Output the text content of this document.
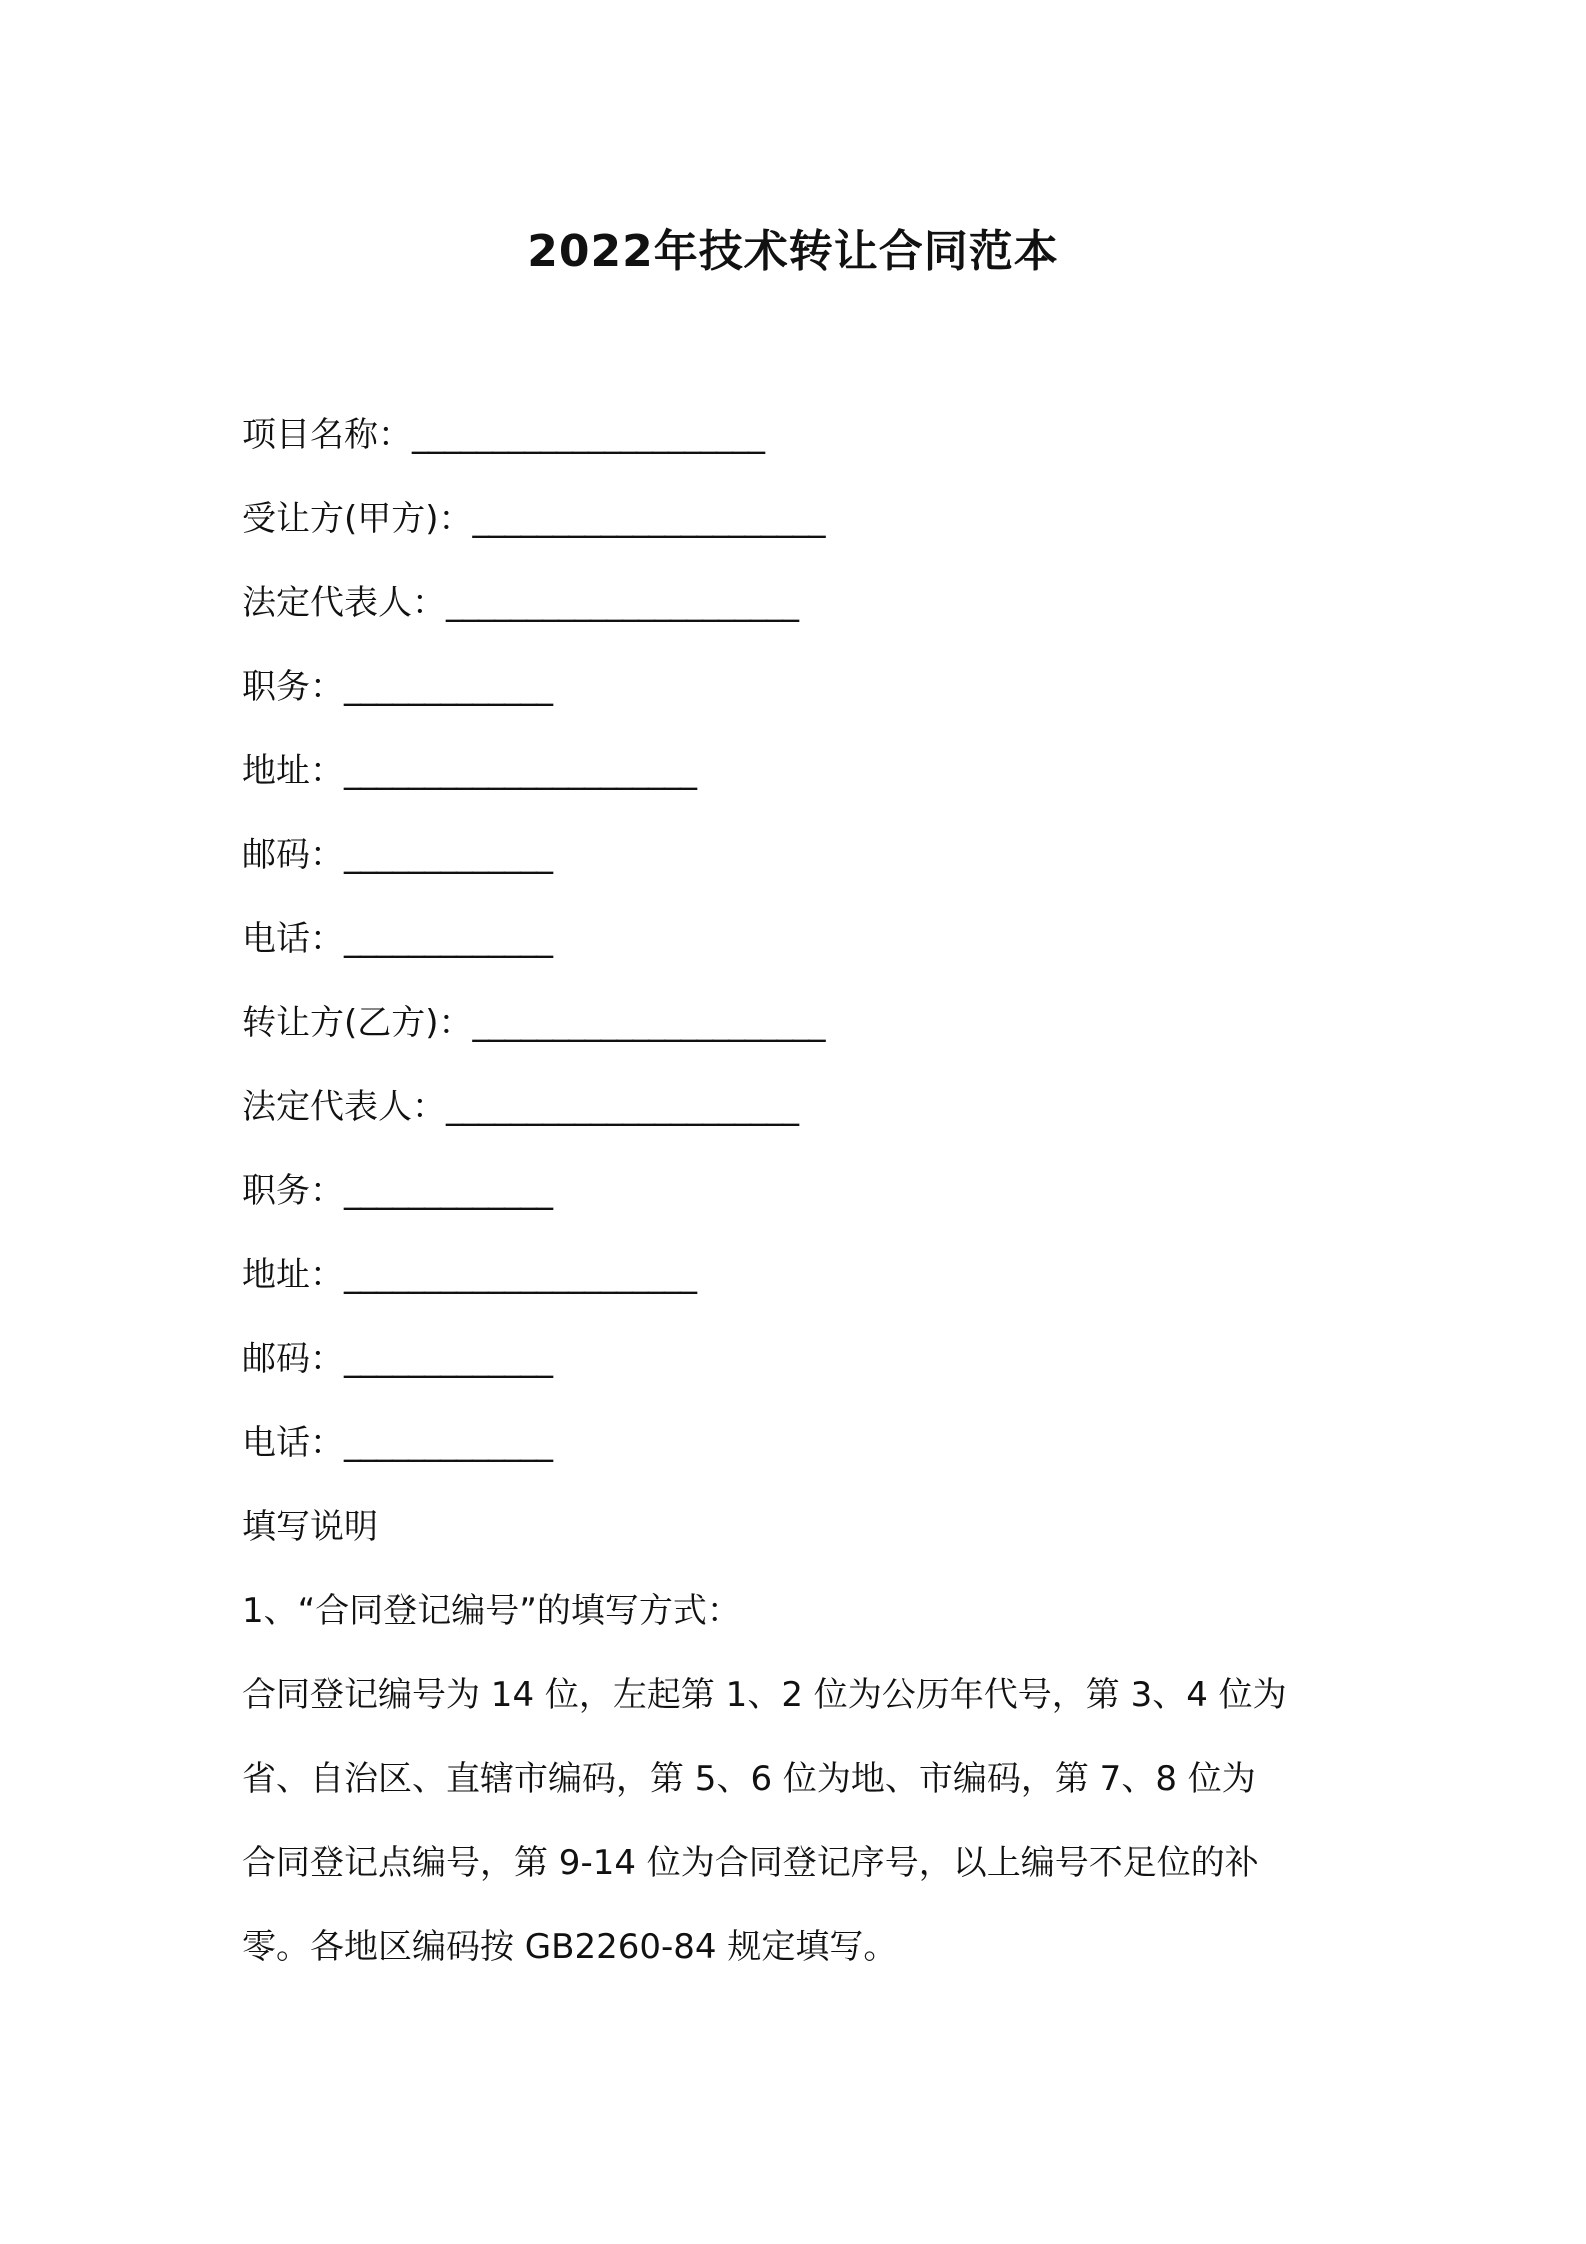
2022年技术转让合同范本
项目名称：______________________
受让方(甲方)：______________________
法定代表人：______________________
职务：_____________
地址：______________________
邮码：_____________
电话：_____________
转让方(乙方)：______________________
法定代表人：______________________
职务：_____________
地址：______________________
邮码：_____________
电话：_____________

填写说明

1、“合同登记编号”的填写方式：

合同登记编号为 14 位，左起第 1、2 位为公历年代号，第 3、4 位为

省、自治区、直辖市编码，第 5、6 位为地、市编码，第 7、8 位为

合同登记点编号，第 9-14 位为合同登记序号，以上编号不足位的补

零。各地区编码按 GB2260-84 规定填写。
